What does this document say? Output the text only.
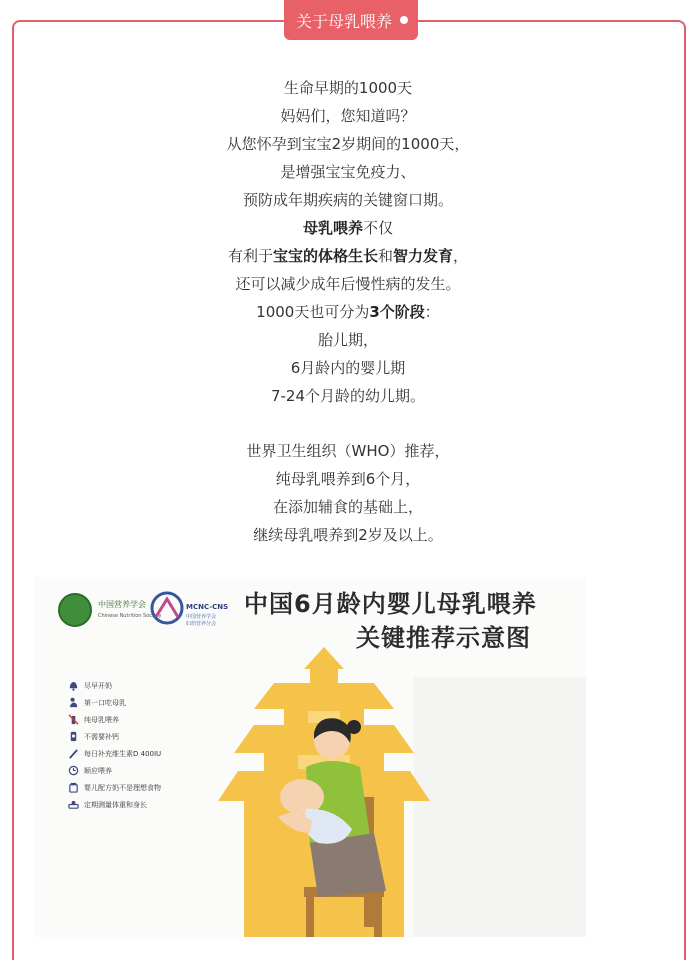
关于母乳喂养

生命早期的1000天

妈妈们，您知道吗？

从您怀孕到宝宝2岁期间的1000天，

是增强宝宝免疫力、

预防成年期疾病的关键窗口期。

母乳喂养不仅

有利于宝宝的体格生长和智力发育，

还可以减少成年后慢性病的发生。

1000天也可分为3个阶段：

胎儿期，

6月龄内的婴儿期

7-24个月龄的幼儿期。

世界卫生组织（WHO）推荐，

纯母乳喂养到6个月，

在添加辅食的基础上，

继续母乳喂养到2岁及以上。

中国营养学会
Chinese Nutrition Society
MCNC-CNS
中国营养学会
妇幼营养分会
中国6月龄内婴儿母乳喂养
关键推荐示意图
尽早开奶
第一口吃母乳
纯母乳喂养
不需要补钙
每日补充维生素D 400IU
顺应喂养
婴儿配方奶不是理想食物
定期测量体重和身长
